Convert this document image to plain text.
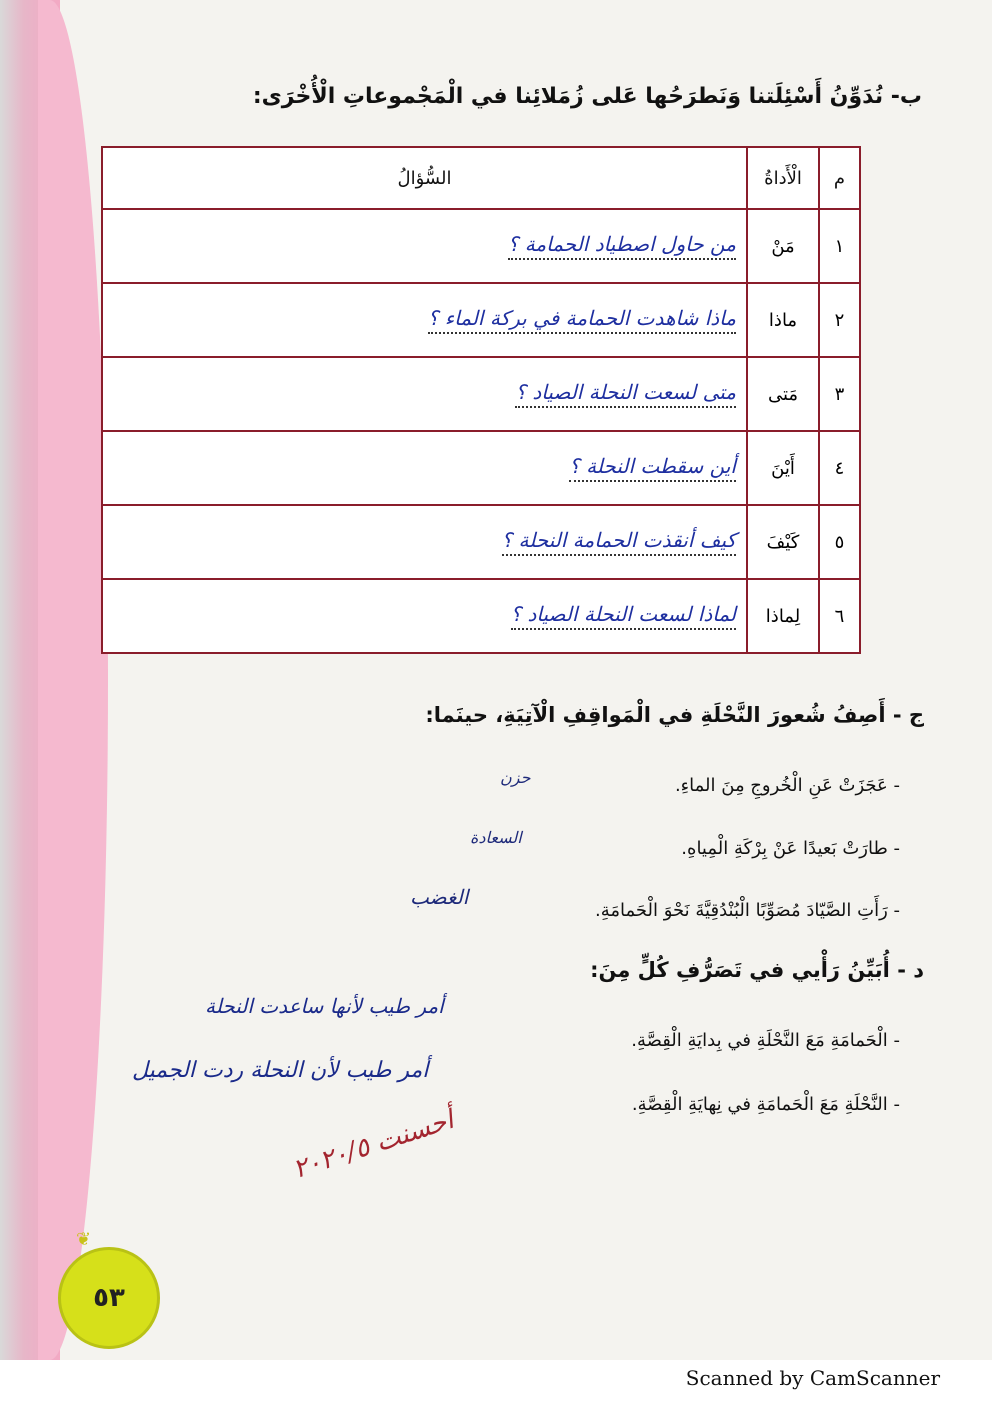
ب- نُدَوِّنُ أَسْئِلَتنا وَنَطرَحُها عَلى زُمَلائِنا في الْمَجْموعاتِ الْأُخْرَى:
م	الْأَداةُ	السُّؤالُ
١	مَنْ	من حاول اصطياد الحمامة ؟
٢	ماذا	ماذا شاهدت الحمامة في بركة الماء ؟
٣	مَتى	متى لسعت النحلة الصياد ؟
٤	أَيْنَ	أين سقطت النحلة ؟
٥	كَيْفَ	كيف أنقذت الحمامة النحلة ؟
٦	لِماذا	لماذا لسعت النحلة الصياد ؟
ج - أَصِفُ شُعورَ النَّحْلَةِ في الْمَواقِفِ الْآتِيَةِ، حينَما:
- عَجَزَتْ عَنِ الْخُروجِ مِنَ الماءِ.
حزن
- طارَتْ بَعيدًا عَنْ بِرْكَةِ الْمِياهِ.
السعادة
- رَأَتِ الصَّيّادَ مُصَوِّبًا الْبُنْدُقِيَّةَ نَحْوَ الْحَمامَةِ.
الغضب
د - أُبَيِّنُ رَأْيي في تَصَرُّفِ كُلٍّ مِنَ:
- الْحَمامَةِ مَعَ النَّحْلَةِ في بِدايَةِ الْقِصَّةِ.
أمر طيب لأنها ساعدت النحلة
- النَّحْلَةِ مَعَ الْحَمامَةِ في نِهايَةِ الْقِصَّةِ.
أمر طيب لأن النحلة ردت الجميل
أحسنت ٢٠٢٠/٥
❦
٥٣
Scanned by CamScanner
